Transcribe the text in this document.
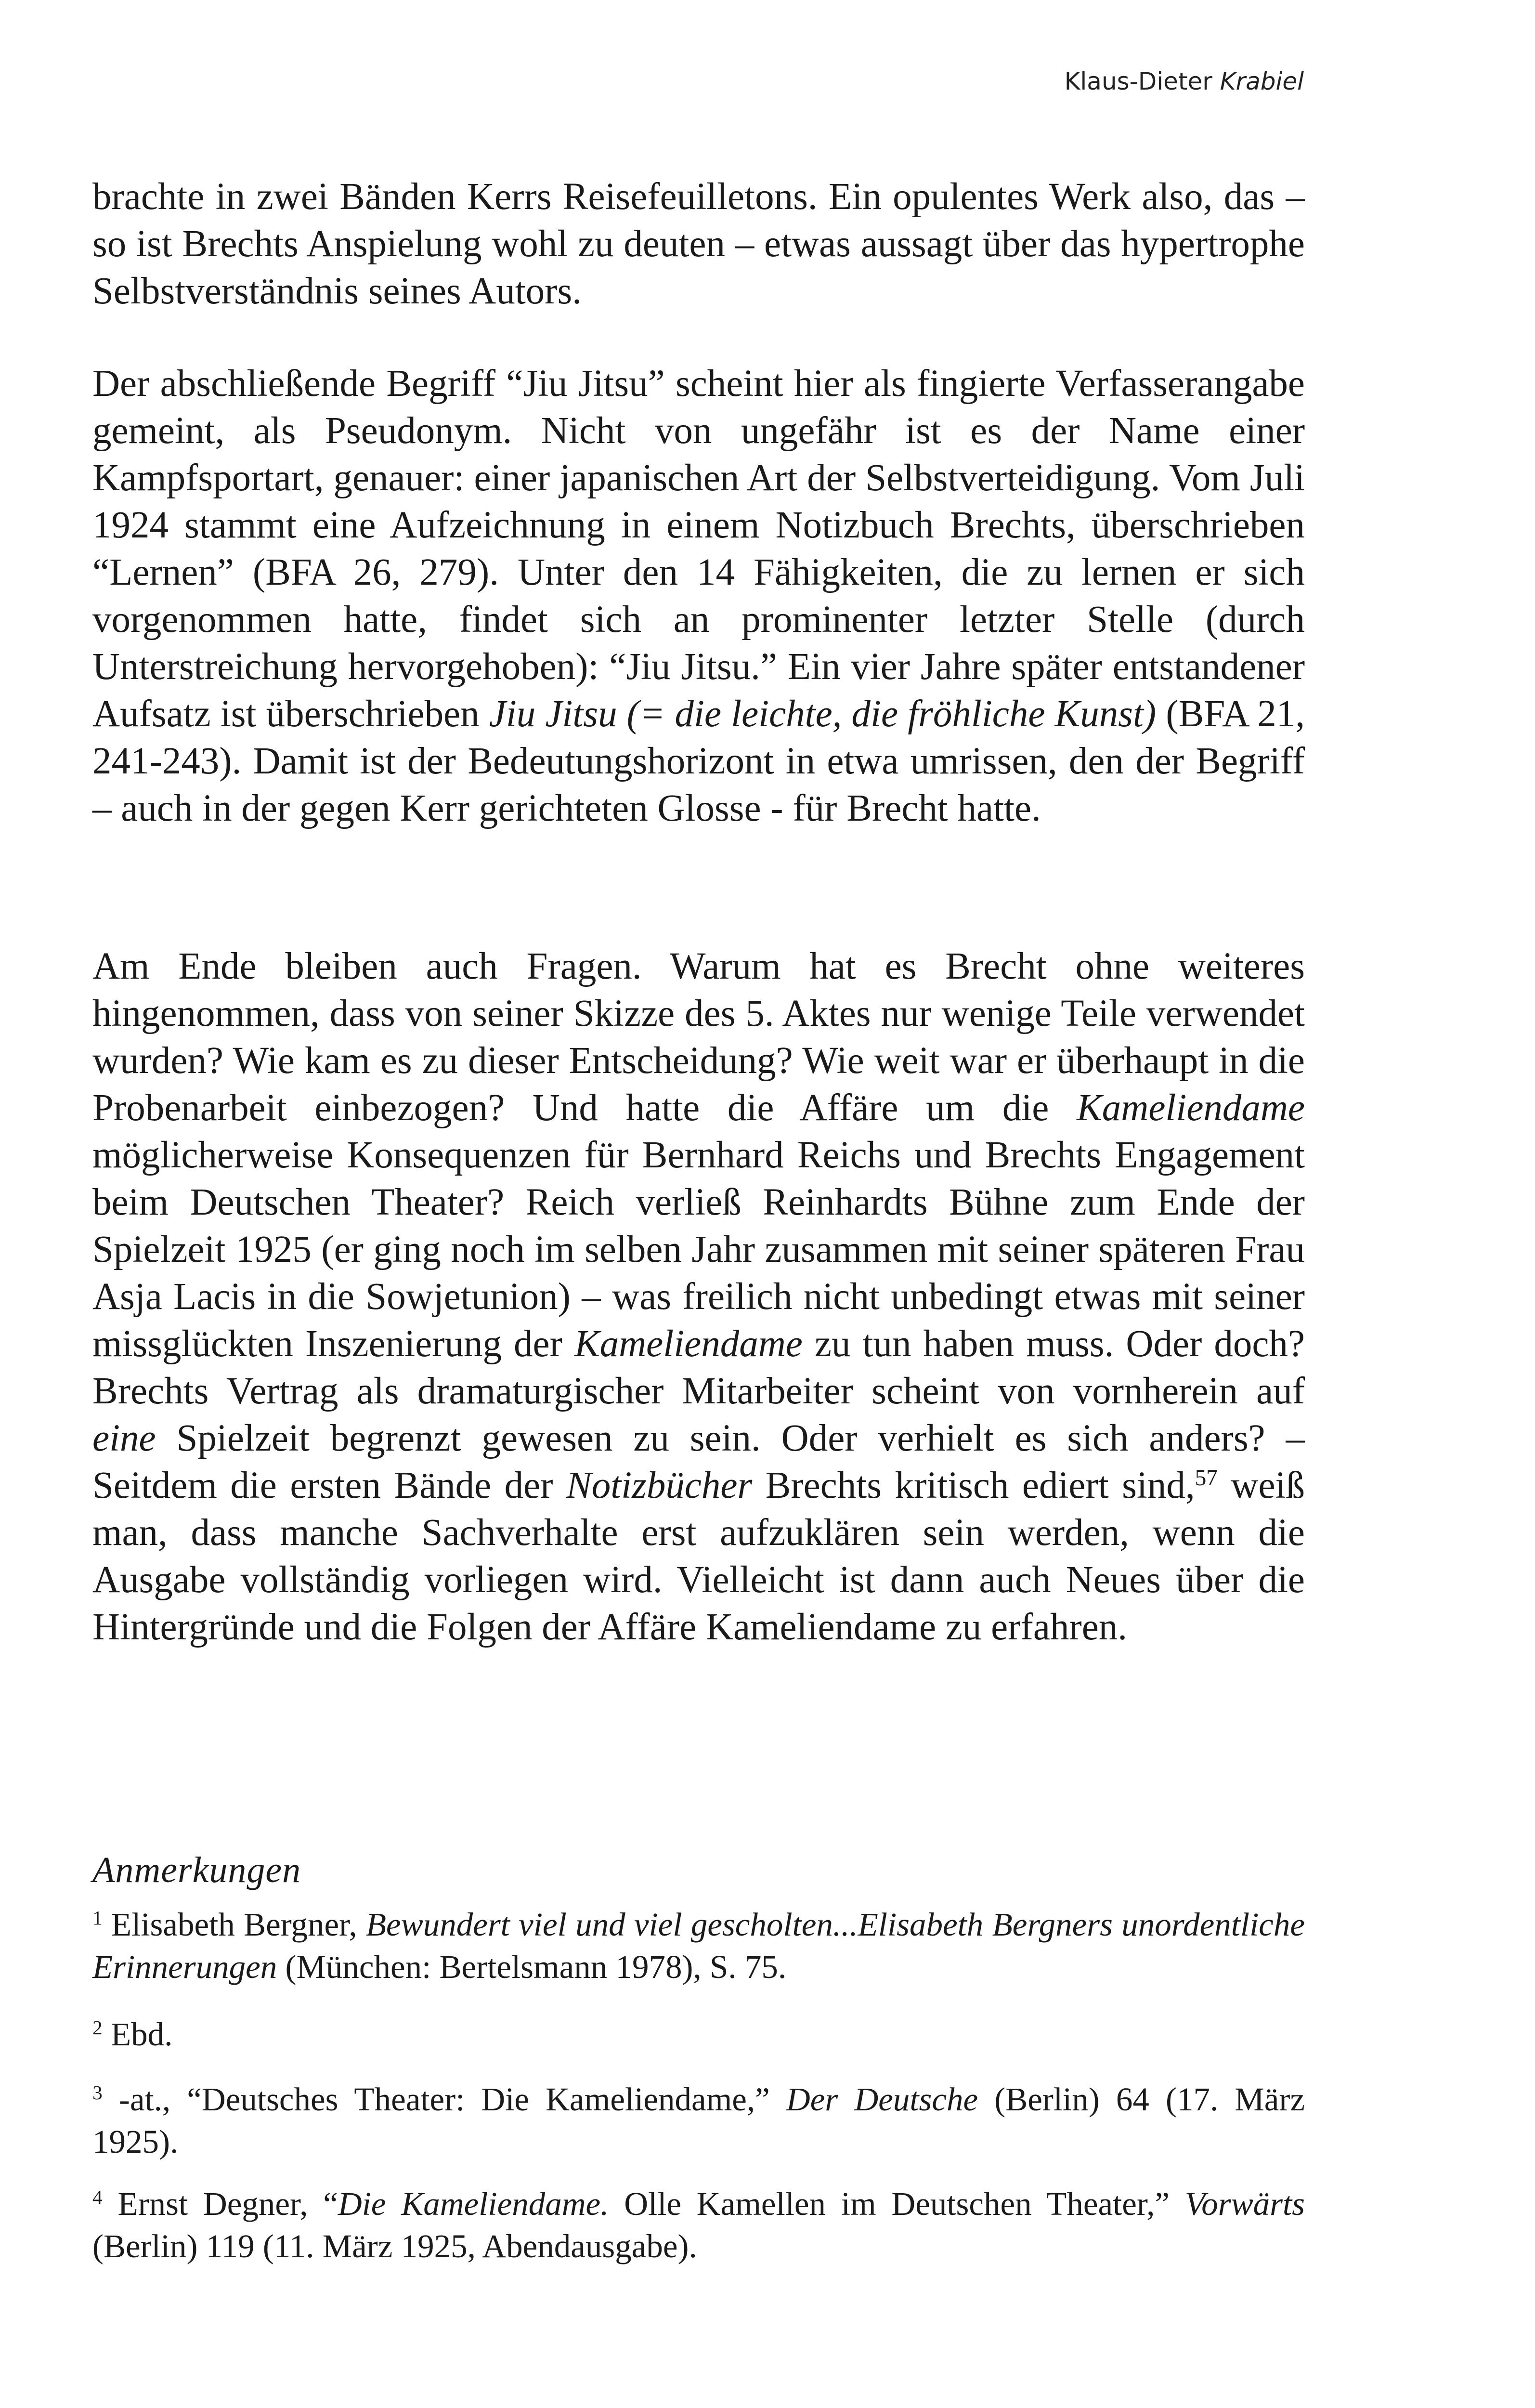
Klaus-Dieter Krabiel

brachte in zwei Bänden Kerrs Reisefeuilletons. Ein opulentes Werk also, das – so ist Brechts Anspielung wohl zu deuten – etwas aussagt über das hypertrophe Selbstverständnis seines Autors.

Der abschließende Begriff “Jiu Jitsu” scheint hier als fingierte Verfasserangabe gemeint, als Pseudonym. Nicht von ungefähr ist es der Name einer Kampfsportart, genauer: einer japanischen Art der Selbstverteidigung. Vom Juli 1924 stammt eine Aufzeichnung in einem Notizbuch Brechts, überschrieben “Lernen” (BFA 26, 279). Unter den 14 Fähigkeiten, die zu lernen er sich vorgenommen hatte, findet sich an prominenter letzter Stelle (durch Unterstreichung hervorgehoben): “Jiu Jitsu.” Ein vier Jahre später entstandener Aufsatz ist überschrieben Jiu Jitsu (= die leichte, die fröhliche Kunst) (BFA 21, 241-243). Damit ist der Bedeutungshorizont in etwa umrissen, den der Begriff – auch in der gegen Kerr gerichteten Glosse - für Brecht hatte.

Am Ende bleiben auch Fragen. Warum hat es Brecht ohne weiteres hingenommen, dass von seiner Skizze des 5. Aktes nur wenige Teile verwendet wurden? Wie kam es zu dieser Entscheidung? Wie weit war er überhaupt in die Probenarbeit einbezogen? Und hatte die Affäre um die Kameliendame möglicherweise Konsequenzen für Bernhard Reichs und Brechts Engagement beim Deutschen Theater? Reich verließ Reinhardts Bühne zum Ende der Spielzeit 1925 (er ging noch im selben Jahr zusammen mit seiner späteren Frau Asja Lacis in die Sowjetunion) – was freilich nicht unbedingt etwas mit seiner missglückten Inszenierung der Kameliendame zu tun haben muss. Oder doch? Brechts Vertrag als dramaturgischer Mitarbeiter scheint von vornherein auf eine Spielzeit begrenzt gewesen zu sein. Oder verhielt es sich anders? – Seitdem die ersten Bände der Notizbücher Brechts kritisch ediert sind,$^{57}$ weiß man, dass manche Sachverhalte erst aufzuklären sein werden, wenn die Ausgabe vollständig vorliegen wird. Vielleicht ist dann auch Neues über die Hintergründe und die Folgen der Affäre Kameliendame zu erfahren.

Anmerkungen
$^1$ Elisabeth Bergner, Bewundert viel und viel gescholten...Elisabeth Bergners unordentliche Erinnerungen (München: Bertelsmann 1978), S. 75.
$^2$ Ebd.
$^3$ -at., “Deutsches Theater: Die Kameliendame,” Der Deutsche (Berlin) 64 (17. März 1925).
$^4$ Ernst Degner, “Die Kameliendame. Olle Kamellen im Deutschen Theater,” Vorwärts (Berlin) 119 (11. März 1925, Abendausgabe).
